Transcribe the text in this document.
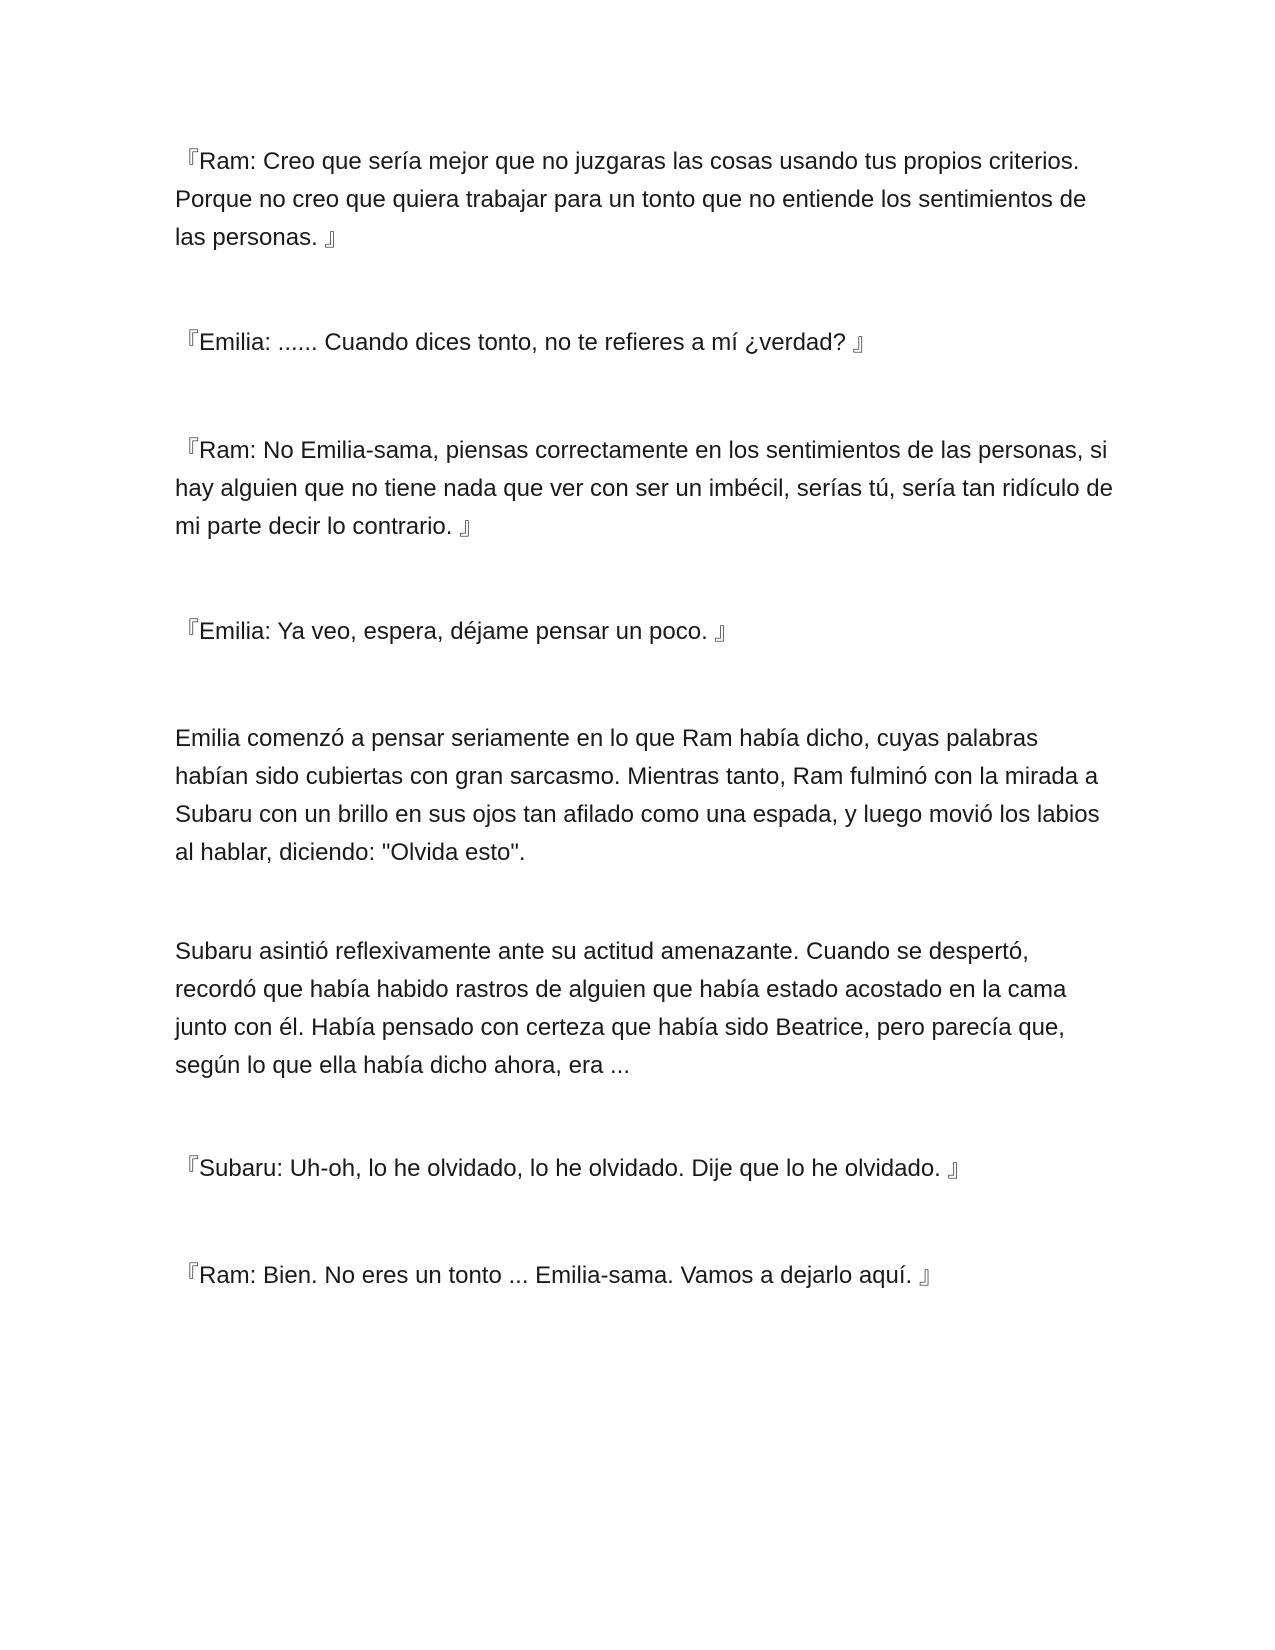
『Ram: Creo que sería mejor que no juzgaras las cosas usando tus propios criterios. Porque no creo que quiera trabajar para un tonto que no entiende los sentimientos de las personas. 』

『Emilia: ...... Cuando dices tonto, no te refieres a mí ¿verdad? 』

『Ram: No Emilia-sama, piensas correctamente en los sentimientos de las personas, si hay alguien que no tiene nada que ver con ser un imbécil, serías tú, sería tan ridículo de mi parte decir lo contrario. 』

『Emilia: Ya veo, espera, déjame pensar un poco. 』

Emilia comenzó a pensar seriamente en lo que Ram había dicho, cuyas palabras habían sido cubiertas con gran sarcasmo. Mientras tanto, Ram fulminó con la mirada a Subaru con un brillo en sus ojos tan afilado como una espada, y luego movió los labios al hablar, diciendo: "Olvida esto".

Subaru asintió reflexivamente ante su actitud amenazante. Cuando se despertó, recordó que había habido rastros de alguien que había estado acostado en la cama junto con él. Había pensado con certeza que había sido Beatrice, pero parecía que, según lo que ella había dicho ahora, era ...

『Subaru: Uh-oh, lo he olvidado, lo he olvidado. Dije que lo he olvidado. 』

『Ram: Bien. No eres un tonto ... Emilia-sama. Vamos a dejarlo aquí. 』
